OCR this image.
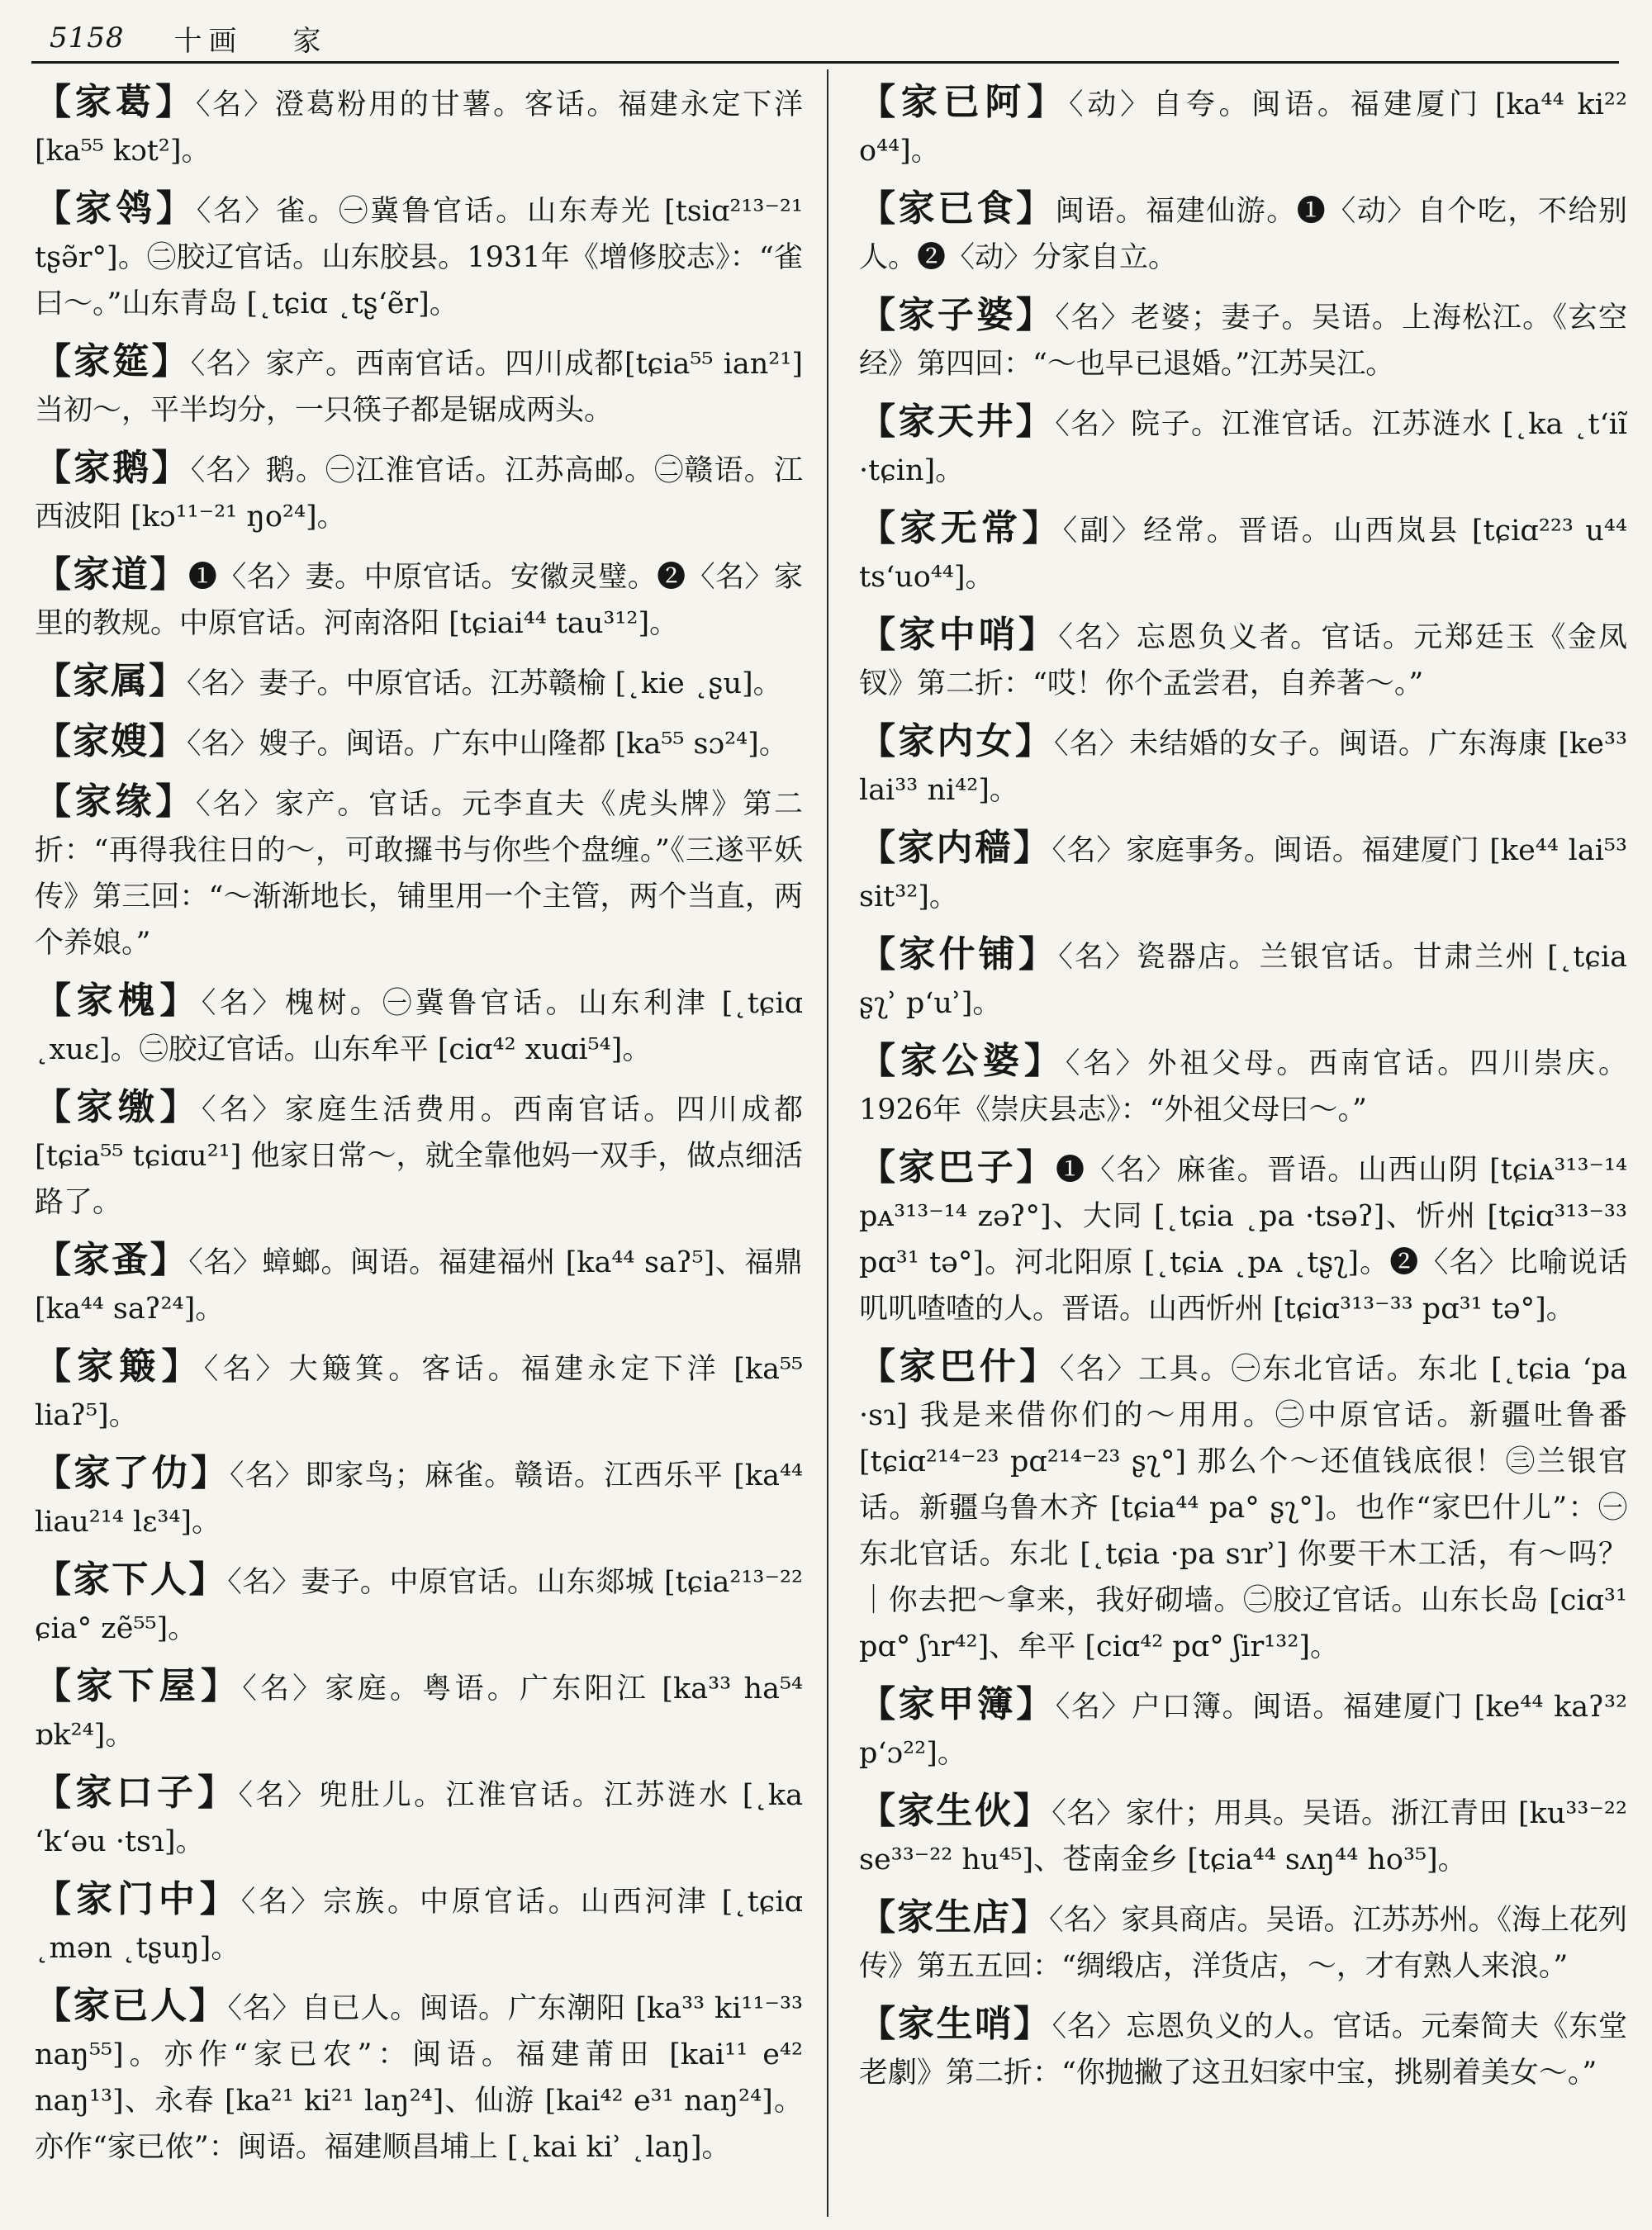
5158 十画 家
【家葛】〈名〉澄葛粉用的甘薯。客话。福建永定下洋 [ka⁵⁵ kɔt²]。
【家鸰】〈名〉雀。㊀冀鲁官话。山东寿光 [tsiɑ²¹³⁻²¹ tʂə̃r°]。㊁胶辽官话。山东胶县。1931年《增修胶志》：“雀曰～。”山东青岛 [˛tɕiɑ ˛tʂʻẽr]。
【家筵】〈名〉家产。西南官话。四川成都[tɕia⁵⁵ ian²¹] 当初～，平半均分，一只筷子都是锯成两头。
【家鹅】〈名〉鹅。㊀江淮官话。江苏高邮。㊁赣语。江西波阳 [kɔ¹¹⁻²¹ ŋo²⁴]。
【家道】❶〈名〉妻。中原官话。安徽灵璧。❷〈名〉家里的教规。中原官话。河南洛阳 [tɕiai⁴⁴ tau³¹²]。
【家属】〈名〉妻子。中原官话。江苏赣榆 [˛kie ˛ʂu]。
【家嫂】〈名〉嫂子。闽语。广东中山隆都 [ka⁵⁵ sɔ²⁴]。
【家缘】〈名〉家产。官话。元李直夫《虎头牌》第二折：“再得我往日的～，可敢攞书与你些个盘缠。”《三遂平妖传》第三回：“～渐渐地长，铺里用一个主管，两个当直，两个养娘。”
【家槐】〈名〉槐树。㊀冀鲁官话。山东利津 [˛tɕiɑ ˛xuɛ]。㊁胶辽官话。山东牟平 [ciɑ⁴² xuɑi⁵⁴]。
【家缴】〈名〉家庭生活费用。西南官话。四川成都 [tɕia⁵⁵ tɕiɑu²¹] 他家日常～，就全靠他妈一双手，做点细活路了。
【家蚤】〈名〉蟑螂。闽语。福建福州 [ka⁴⁴ saʔ⁵]、福鼎 [ka⁴⁴ saʔ²⁴]。
【家簸】〈名〉大簸箕。客话。福建永定下洋 [ka⁵⁵ liaʔ⁵]。
【家了仂】〈名〉即家鸟；麻雀。赣语。江西乐平 [ka⁴⁴ liau²¹⁴ lɛ³⁴]。
【家下人】〈名〉妻子。中原官话。山东郯城 [tɕia²¹³⁻²² ɕia° zẽ⁵⁵]。
【家下屋】〈名〉家庭。粤语。广东阳江 [ka³³ ha⁵⁴ ɒk²⁴]。
【家口子】〈名〉兜肚儿。江淮官话。江苏涟水 [˛ka ʻkʻəu ·tsɿ]。
【家门中】〈名〉宗族。中原官话。山西河津 [˛tɕiɑ ˛mən ˛tʂuŋ]。
【家已人】〈名〉自已人。闽语。广东潮阳 [ka³³ ki¹¹⁻³³ naŋ⁵⁵]。亦作“家已农”：闽语。福建莆田 [kai¹¹ e⁴² naŋ¹³]、永春 [ka²¹ ki²¹ laŋ²⁴]、仙游 [kai⁴² e³¹ naŋ²⁴]。亦作“家已侬”：闽语。福建顺昌埔上 [˛kai kiʾ ˛laŋ]。
【家已阿】〈动〉自夸。闽语。福建厦门 [ka⁴⁴ ki²² o⁴⁴]。
【家已食】闽语。福建仙游。❶〈动〉自个吃，不给别人。❷〈动〉分家自立。
【家子婆】〈名〉老婆；妻子。吴语。上海松江。《玄空经》第四回：“～也早已退婚。”江苏吴江。
【家天井】〈名〉院子。江淮官话。江苏涟水 [˛ka ˛tʻiĩ ·tɕin]。
【家无常】〈副〉经常。晋语。山西岚县 [tɕiɑ²²³ u⁴⁴ tsʻuo⁴⁴]。
【家中哨】〈名〉忘恩负义者。官话。元郑廷玉《金凤钗》第二折：“哎！你个孟尝君，自养著～。”
【家内女】〈名〉未结婚的女子。闽语。广东海康 [ke³³ lai³³ ni⁴²]。
【家内穑】〈名〉家庭事务。闽语。福建厦门 [ke⁴⁴ lai⁵³ sit³²]。
【家什铺】〈名〉瓷器店。兰银官话。甘肃兰州 [˛tɕia ʂʅʾ pʻuʾ]。
【家公婆】〈名〉外祖父母。西南官话。四川崇庆。1926年《崇庆县志》：“外祖父母曰～。”
【家巴子】❶〈名〉麻雀。晋语。山西山阴 [tɕiᴀ³¹³⁻¹⁴ pᴀ³¹³⁻¹⁴ zəʔ°]、大同 [˛tɕia ˛pa ·tsəʔ]、忻州 [tɕiɑ³¹³⁻³³ pɑ³¹ tə°]。河北阳原 [˛tɕiᴀ ˛pᴀ ˛tʂʅ]。❷〈名〉比喻说话叽叽喳喳的人。晋语。山西忻州 [tɕiɑ³¹³⁻³³ pɑ³¹ tə°]。
【家巴什】〈名〉工具。㊀东北官话。东北 [˛tɕia ʻpa ·sɿ] 我是来借你们的～用用。㊁中原官话。新疆吐鲁番 [tɕiɑ²¹⁴⁻²³ pɑ²¹⁴⁻²³ ʂʅ°] 那么个～还值钱底很！㊂兰银官话。新疆乌鲁木齐 [tɕia⁴⁴ pa° ʂʅ°]。也作“家巴什儿”：㊀东北官话。东北 [˛tɕia ·pa sɿrʾ] 你要干木工活，有～吗？｜你去把～拿来，我好砌墙。㊁胶辽官话。山东长岛 [ciɑ³¹ pɑ° ʃɿr⁴²]、牟平 [ciɑ⁴² pɑ° ʃir¹³²]。
【家甲簿】〈名〉户口簿。闽语。福建厦门 [ke⁴⁴ kaʔ³² pʻɔ²²]。
【家生伙】〈名〉家什；用具。吴语。浙江青田 [ku³³⁻²² se³³⁻²² hu⁴⁵]、苍南金乡 [tɕia⁴⁴ sʌŋ⁴⁴ ho³⁵]。
【家生店】〈名〉家具商店。吴语。江苏苏州。《海上花列传》第五五回：“绸缎店，洋货店，～，才有熟人来浪。”
【家生哨】〈名〉忘恩负义的人。官话。元秦简夫《东堂老劇》第二折：“你抛撇了这丑妇家中宝，挑剔着美女～。”
